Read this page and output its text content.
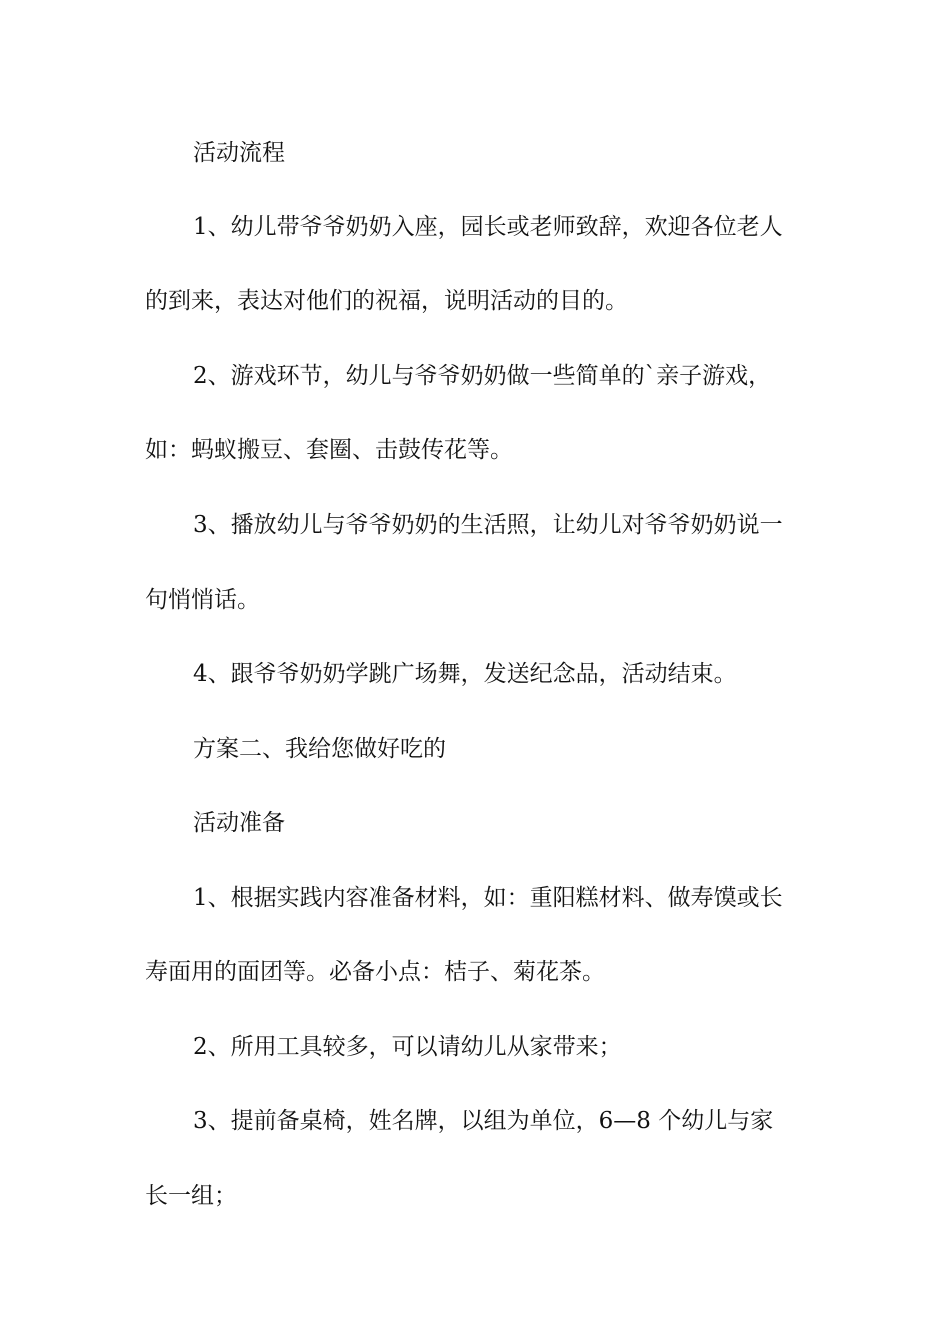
活动流程
1、幼儿带爷爷奶奶入座，园长或老师致辞，欢迎各位老人
的到来，表达对他们的祝福，说明活动的目的。
2、游戏环节，幼儿与爷爷奶奶做一些简单的`亲子游戏，
如：蚂蚁搬豆、套圈、击鼓传花等。
3、播放幼儿与爷爷奶奶的生活照，让幼儿对爷爷奶奶说一
句悄悄话。
4、跟爷爷奶奶学跳广场舞，发送纪念品，活动结束。
方案二、我给您做好吃的
活动准备
1、根据实践内容准备材料，如：重阳糕材料、做寿馍或长
寿面用的面团等。必备小点：桔子、菊花茶。
2、所用工具较多，可以请幼儿从家带来；
3、提前备桌椅，姓名牌，以组为单位，6—8 个幼儿与家
长一组；
